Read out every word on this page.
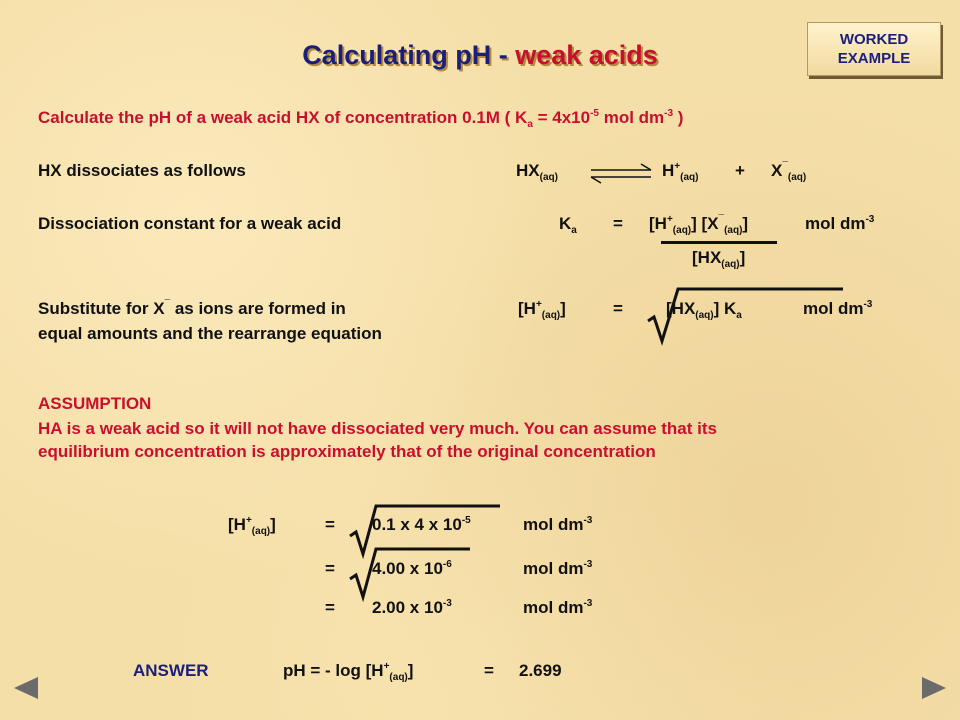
WORKED
EXAMPLE
Calculating pH - weak acids
Calculate the pH of a weak acid HX of concentration 0.1M ( $K_a = 4x10^{-5}$ mol $dm^{-3}$ )
HX dissociates as follows	$HX_{(aq)}$	$H^+_{(aq)} + X^¯_{(aq)}$
Dissociation constant for a weak acid	$K_a = [H^+_{(aq)}]$ $[X^¯_{(aq)}]$	mol $dm^{-3}$
$[HX_{(aq)}]$
Substitute for X¯ as ions are formed in
equal amounts and the rearrange equation
$[H^+_{(aq)}]$	=	$[HX_{(aq)}]$ $K_a$	mol $dm^{-3}$
ASSUMPTION
HA is a weak acid so it will not have dissociated very much. You can assume that its
equilibrium concentration is approximately that of the original concentration
$[H^+_{(aq)}]$	= 0.1 x 4 x $10^{-5}$	mol $dm^{-3}$
= 4.00 x $10^{-6}$	mol $dm^{-3}$
= 2.00 x $10^{-3}$	mol $dm^{-3}$
ANSWER	pH = - $\log [H^+_{(aq)}]$	= 2.699
